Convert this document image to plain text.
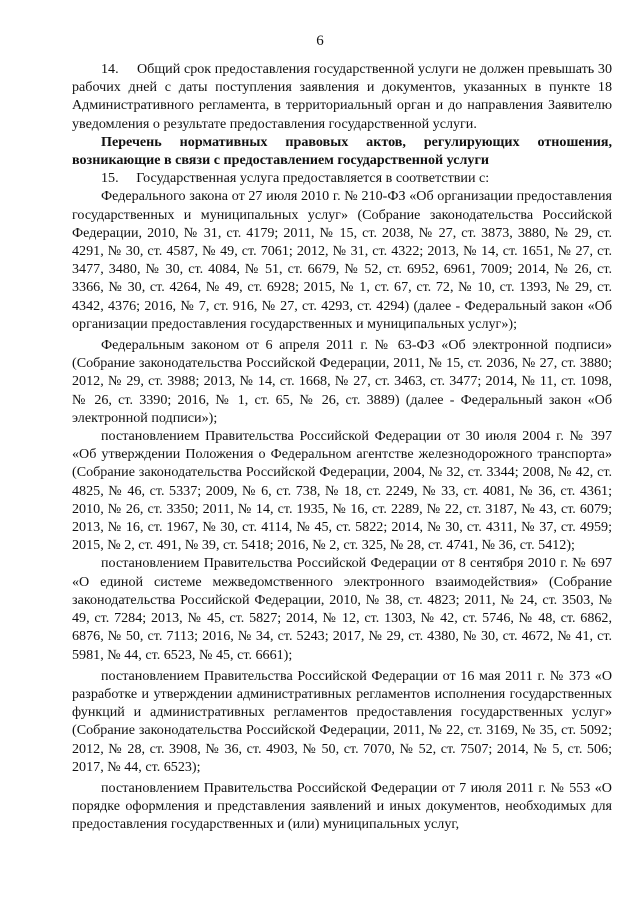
6

14.     Общий срок предоставления государственной услуги не должен превышать 30 рабочих дней с даты поступления заявления и документов, указанных в пункте 18 Административного регламента, в территориальный орган и до направления Заявителю уведомления о результате предоставления государственной услуги.

Перечень нормативных правовых актов, регулирующих отношения, возникающие в связи с предоставлением государственной услуги

15.     Государственная услуга предоставляется в соответствии с:

Федерального закона от 27 июля 2010 г. № 210-ФЗ «Об организации предоставления государственных и муниципальных услуг» (Собрание законодательства Российской Федерации, 2010, № 31, ст. 4179; 2011, № 15, ст. 2038, № 27, ст. 3873, 3880, № 29, ст. 4291, № 30, ст. 4587, № 49, ст. 7061; 2012, № 31, ст. 4322; 2013, № 14, ст. 1651, № 27, ст. 3477, 3480, № 30, ст. 4084, № 51, ст. 6679, № 52, ст. 6952, 6961, 7009; 2014, № 26, ст. 3366, № 30, ст. 4264, № 49, ст. 6928; 2015, № 1, ст. 67, ст. 72, № 10, ст. 1393, № 29, ст. 4342, 4376; 2016, № 7, ст. 916, № 27, ст. 4293, ст. 4294) (далее - Федеральный закон «Об организации предоставления государственных и муниципальных услуг»);

Федеральным законом от 6 апреля 2011 г. № 63-ФЗ «Об электронной подписи» (Собрание законодательства Российской Федерации, 2011, № 15, ст. 2036, № 27, ст. 3880; 2012, № 29, ст. 3988; 2013, № 14, ст. 1668, № 27, ст. 3463, ст. 3477; 2014, № 11, ст. 1098, № 26, ст. 3390; 2016, № 1, ст. 65, № 26, ст. 3889) (далее - Федеральный закон «Об электронной подписи»);

постановлением Правительства Российской Федерации от 30 июля 2004 г. № 397 «Об утверждении Положения о Федеральном агентстве железнодорожного транспорта» (Собрание законодательства Российской Федерации, 2004, № 32, ст. 3344; 2008, № 42, ст. 4825, № 46, ст. 5337; 2009, № 6, ст. 738, № 18, ст. 2249, № 33, ст. 4081, № 36, ст. 4361; 2010, № 26, ст. 3350; 2011, № 14, ст. 1935, № 16, ст. 2289, № 22, ст. 3187, № 43, ст. 6079; 2013, № 16, ст. 1967, № 30, ст. 4114, № 45, ст. 5822; 2014, № 30, ст. 4311, № 37, ст. 4959; 2015, № 2, ст. 491, № 39, ст. 5418; 2016, № 2, ст. 325, № 28, ст. 4741, № 36, ст. 5412);

постановлением Правительства Российской Федерации от 8 сентября 2010 г. № 697 «О единой системе межведомственного электронного взаимодействия» (Собрание законодательства Российской Федерации, 2010, № 38, ст. 4823; 2011, № 24, ст. 3503, № 49, ст. 7284; 2013, № 45, ст. 5827; 2014, № 12, ст. 1303, № 42, ст. 5746, № 48, ст. 6862, 6876, № 50, ст. 7113; 2016, № 34, ст. 5243; 2017, № 29, ст. 4380, № 30, ст. 4672, № 41, ст. 5981, № 44, ст. 6523, № 45, ст. 6661);

постановлением Правительства Российской Федерации от 16 мая 2011 г. № 373 «О разработке и утверждении административных регламентов исполнения государственных функций и административных регламентов предоставления государственных услуг» (Собрание законодательства Российской Федерации, 2011, № 22, ст. 3169, № 35, ст. 5092; 2012, № 28, ст. 3908, № 36, ст. 4903, № 50, ст. 7070, № 52, ст. 7507; 2014, № 5, ст. 506; 2017, № 44, ст. 6523);

постановлением Правительства Российской Федерации от 7 июля 2011 г. № 553 «О порядке оформления и представления заявлений и иных документов, необходимых для предоставления государственных и (или) муниципальных услуг,
